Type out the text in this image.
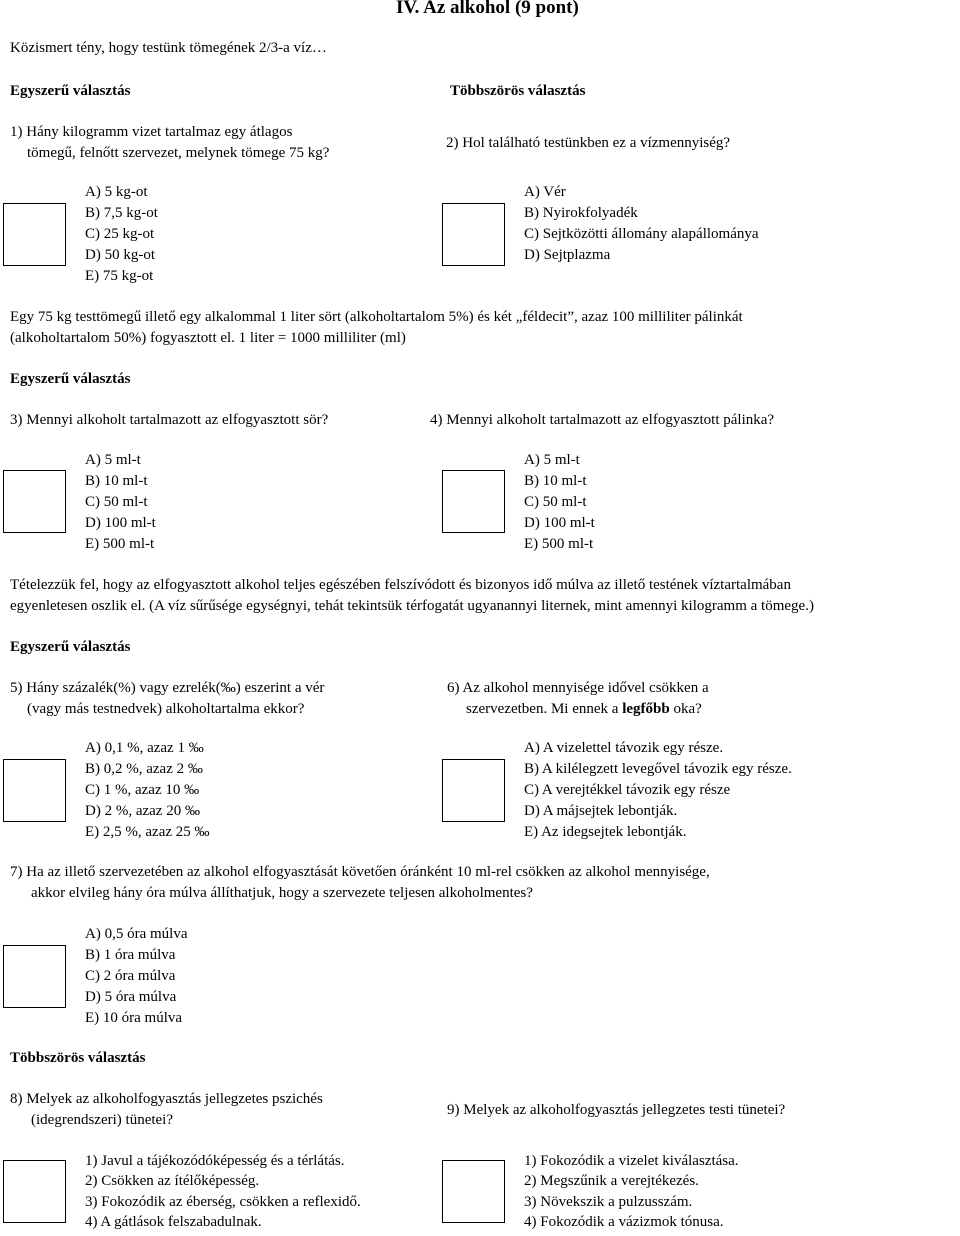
IV. Az alkohol (9 pont)
Közismert tény, hogy testünk tömegének 2/3-a víz…
Egyszerű választás	Többszörös választás
1) Hány kilogramm vizet tartalmaz egy átlagos
tömegű, felnőtt szervezet, melynek tömege 75 kg?
A) 5 kg-ot
B) 7,5 kg-ot
C) 25 kg-ot
D) 50 kg-ot
E) 75 kg-ot
2) Hol található testünkben ez a vízmennyiség?
A) Vér
B) Nyirokfolyadék
C) Sejtközötti állomány alapállománya
D) Sejtplazma
Egy 75 kg testtömegű illető egy alkalommal 1 liter sört (alkoholtartalom 5%) és két „féldecit”, azaz 100 milliliter pálinkát
(alkoholtartalom 50%) fogyasztott el. 1 liter = 1000 milliliter (ml)
Egyszerű választás
3) Mennyi alkoholt tartalmazott az elfogyasztott sör?
A) 5 ml-t
B) 10 ml-t
C) 50 ml-t
D) 100 ml-t
E) 500 ml-t
4) Mennyi alkoholt tartalmazott az elfogyasztott pálinka?
A) 5 ml-t
B) 10 ml-t
C) 50 ml-t
D) 100 ml-t
E) 500 ml-t
Tételezzük fel, hogy az elfogyasztott alkohol teljes egészében felszívódott és bizonyos idő múlva az illető testének víztartalmában
egyenletesen oszlik el. (A víz sűrűsége egységnyi, tehát tekintsük térfogatát ugyanannyi liternek, mint amennyi kilogramm a tömege.)
Egyszerű választás
5) Hány százalék(%) vagy ezrelék(‰) eszerint a vér
(vagy más testnedvek) alkoholtartalma ekkor?
A) 0,1 %, azaz 1 ‰
B) 0,2 %, azaz 2 ‰
C) 1 %, azaz 10 ‰
D) 2 %, azaz 20 ‰
E) 2,5 %, azaz 25 ‰
6) Az alkohol mennyisége idővel csökken a
szervezetben. Mi ennek a legfőbb oka?
A) A vizelettel távozik egy része.
B) A kilélegzett levegővel távozik egy része.
C) A verejtékkel távozik egy része
D) A májsejtek lebontják.
E) Az idegsejtek lebontják.
7) Ha az illető szervezetében az alkohol elfogyasztását követően óránként 10 ml-rel csökken az alkohol mennyisége,
akkor elvileg hány óra múlva állíthatjuk, hogy a szervezete teljesen alkoholmentes?
A) 0,5 óra múlva
B) 1 óra múlva
C) 2 óra múlva
D) 5 óra múlva
E) 10 óra múlva
Többszörös választás
8) Melyek az alkoholfogyasztás jellegzetes pszichés
(idegrendszeri) tünetei?
1) Javul a tájékozódóképesség és a térlátás.
2) Csökken az ítélőképesség.
3) Fokozódik az éberség, csökken a reflexidő.
4) A gátlások felszabadulnak.
9) Melyek az alkoholfogyasztás jellegzetes testi tünetei?
1) Fokozódik a vizelet kiválasztása.
2) Megszűnik a verejtékezés.
3) Növekszik a pulzusszám.
4) Fokozódik a vázizmok tónusa.
